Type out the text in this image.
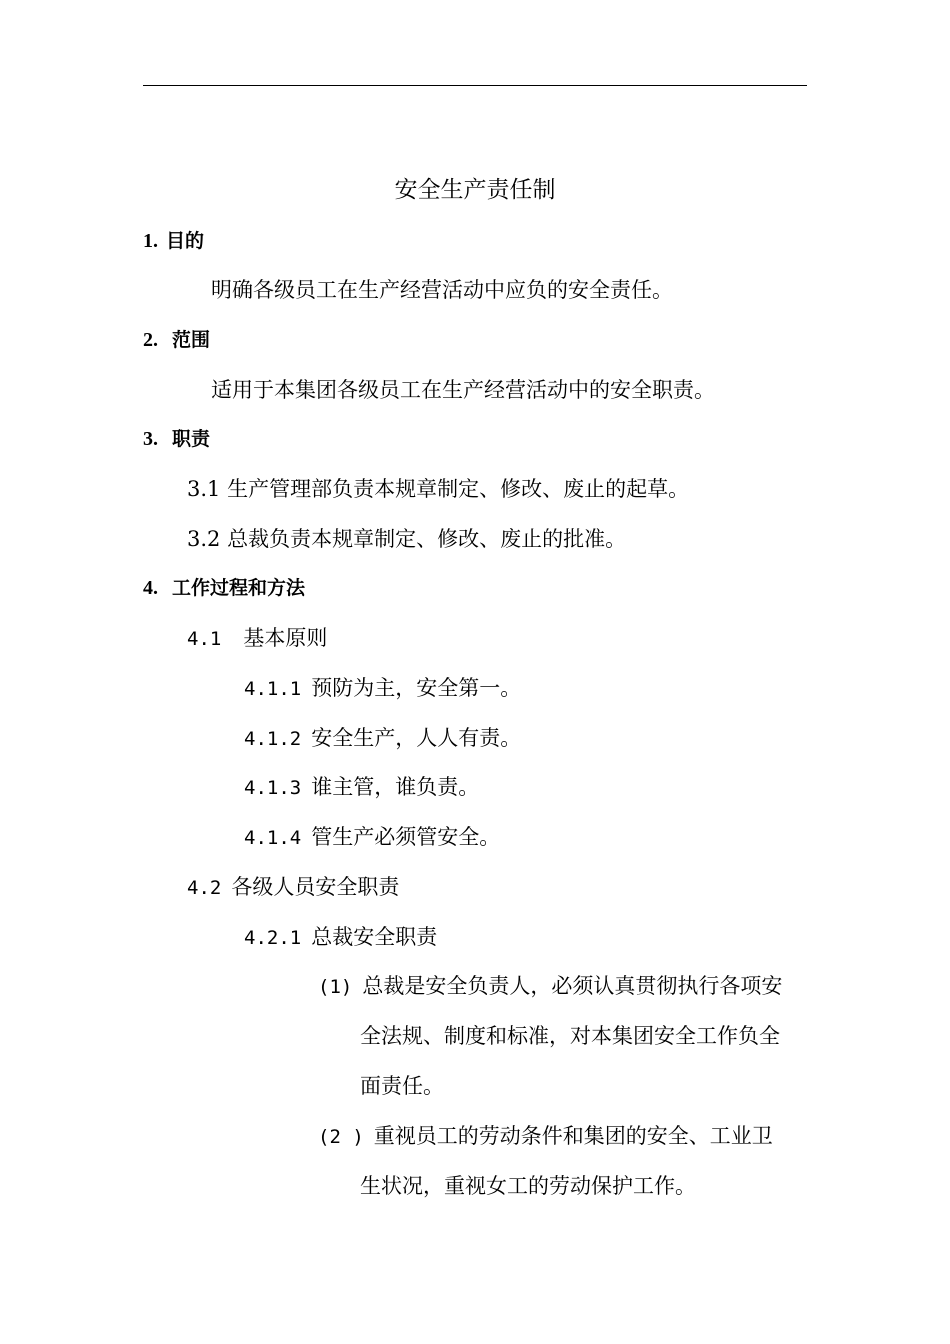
安全生产责任制
1. 目的
明确各级员工在生产经营活动中应负的安全责任。
2. 范围
适用于本集团各级员工在生产经营活动中的安全职责。
3. 职责
3.1 生产管理部负责本规章制定、修改、废止的起草。
3.2 总裁负责本规章制定、修改、废止的批准。
4. 工作过程和方法
4.1 基本原则
4.1.1 预防为主，安全第一。
4.1.2 安全生产，人人有责。
4.1.3 谁主管，谁负责。
4.1.4 管生产必须管安全。
4.2 各级人员安全职责
4.2.1 总裁安全职责
(1) 总裁是安全负责人，必须认真贯彻执行各项安
全法规、制度和标准，对本集团安全工作负全
面责任。
(2 ) 重视员工的劳动条件和集团的安全、工业卫
生状况，重视女工的劳动保护工作。
